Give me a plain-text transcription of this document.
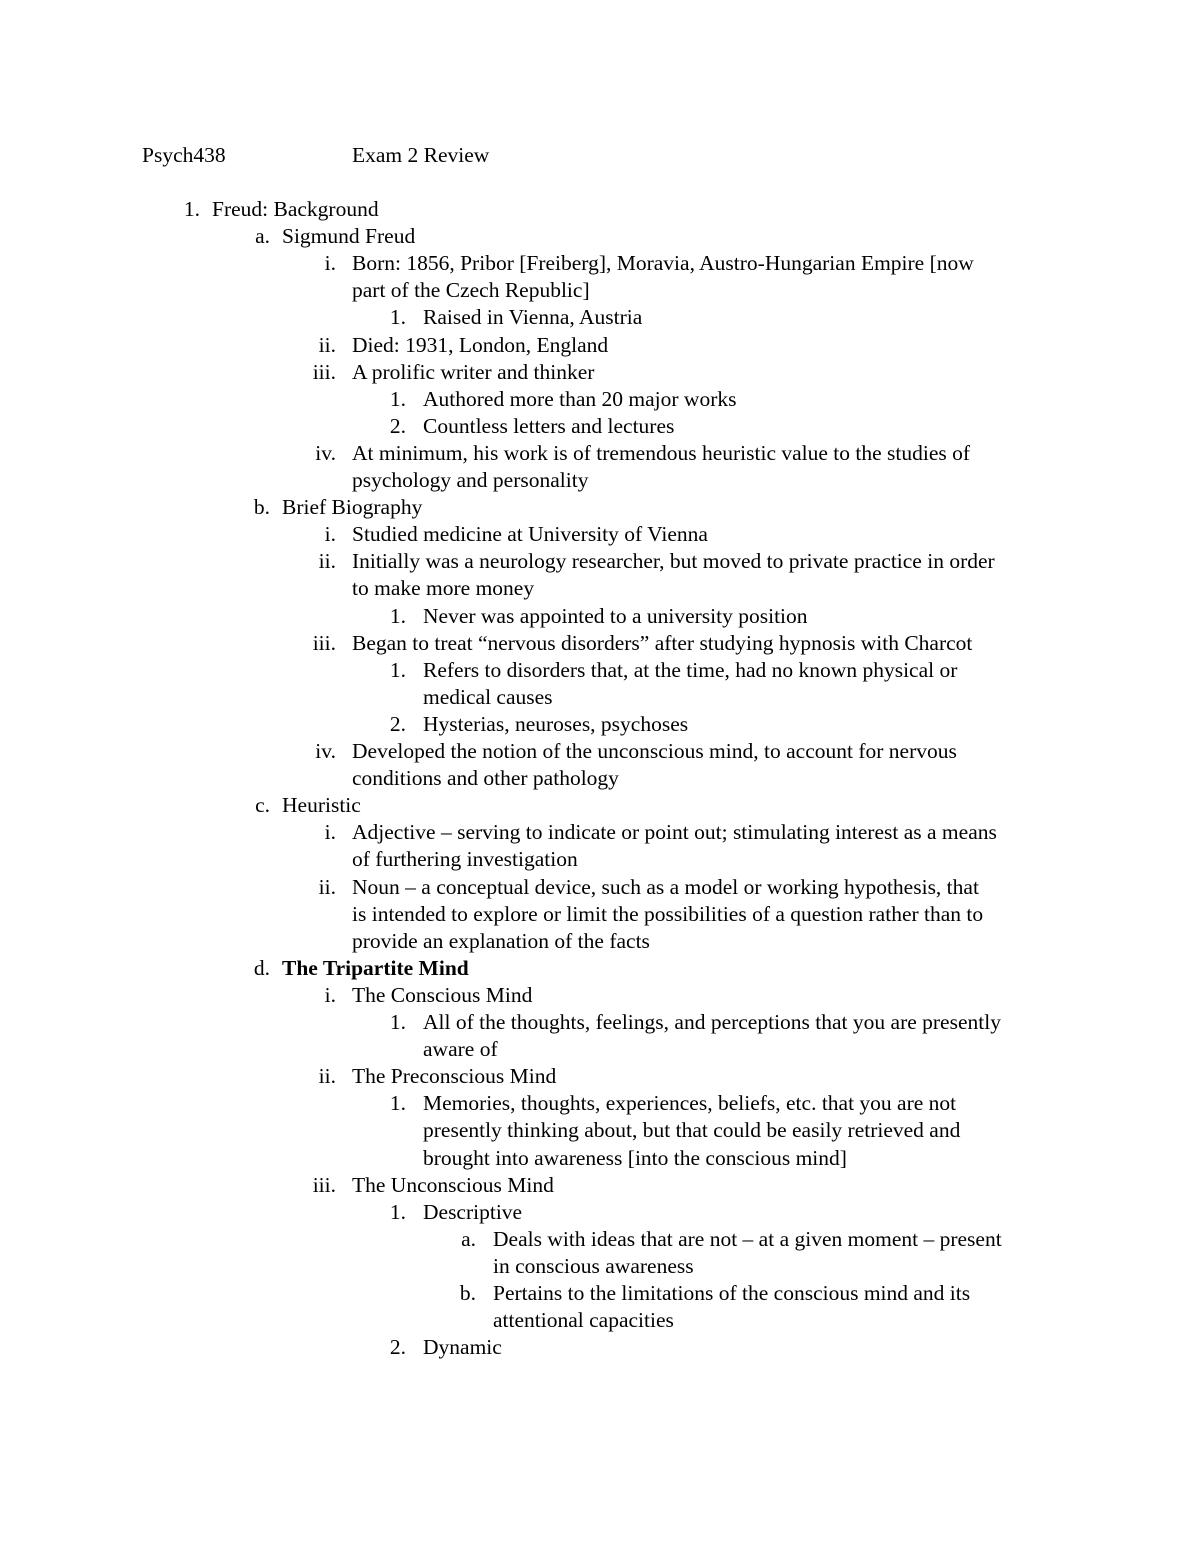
Psych438	Exam 2 Review
1. Freud: Background
a. Sigmund Freud
i. Born: 1856, Pribor [Freiberg], Moravia, Austro-Hungarian Empire [now
part of the Czech Republic]
1. Raised in Vienna, Austria
ii. Died: 1931, London, England
iii. A prolific writer and thinker
1. Authored more than 20 major works
2. Countless letters and lectures
iv. At minimum, his work is of tremendous heuristic value to the studies of
psychology and personality
b. Brief Biography
i. Studied medicine at University of Vienna
ii. Initially was a neurology researcher, but moved to private practice in order
to make more money
1. Never was appointed to a university position
iii. Began to treat “nervous disorders” after studying hypnosis with Charcot
1. Refers to disorders that, at the time, had no known physical or
medical causes
2. Hysterias, neuroses, psychoses
iv. Developed the notion of the unconscious mind, to account for nervous
conditions and other pathology
c. Heuristic
i. Adjective – serving to indicate or point out; stimulating interest as a means
of furthering investigation
ii. Noun – a conceptual device, such as a model or working hypothesis, that
is intended to explore or limit the possibilities of a question rather than to
provide an explanation of the facts
d. The Tripartite Mind
i. The Conscious Mind
1. All of the thoughts, feelings, and perceptions that you are presently
aware of
ii. The Preconscious Mind
1. Memories, thoughts, experiences, beliefs, etc. that you are not
presently thinking about, but that could be easily retrieved and
brought into awareness [into the conscious mind]
iii. The Unconscious Mind
1. Descriptive
a. Deals with ideas that are not – at a given moment – present
in conscious awareness
b. Pertains to the limitations of the conscious mind and its
attentional capacities
2. Dynamic
